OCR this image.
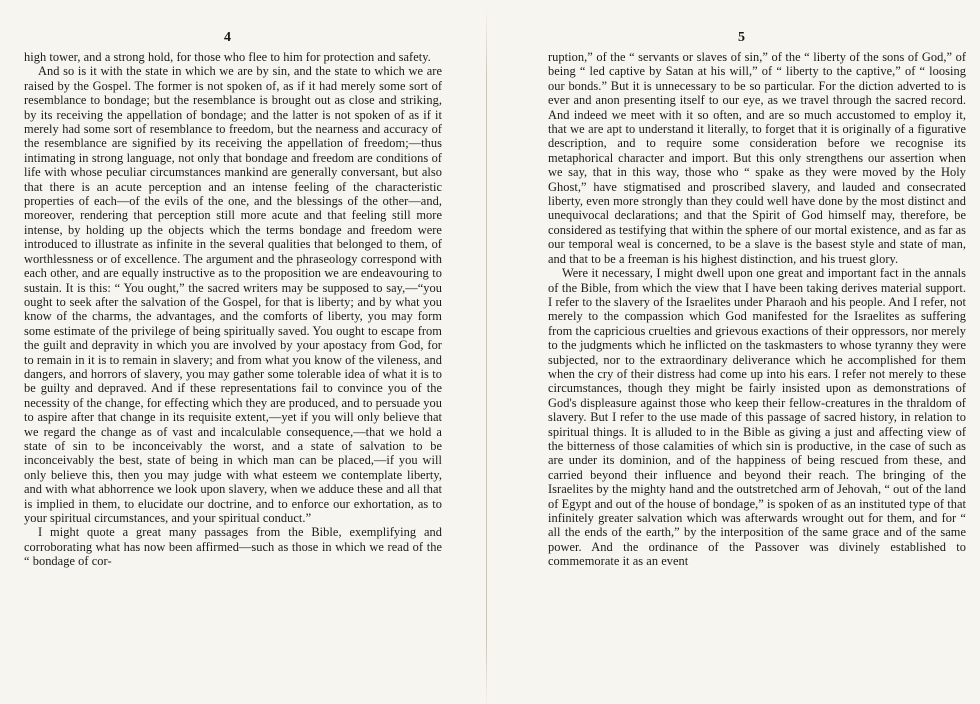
4

high tower, and a strong hold, for those who flee to him for protection and safety.

And so is it with the state in which we are by sin, and the state to which we are raised by the Gospel. The former is not spoken of, as if it had merely some sort of resemblance to bondage; but the resemblance is brought out as close and striking, by its receiving the appellation of bondage; and the latter is not spoken of as if it merely had some sort of resemblance to freedom, but the nearness and accuracy of the resemblance are signified by its receiving the appellation of freedom;—thus intimating in strong language, not only that bondage and freedom are conditions of life with whose peculiar circumstances mankind are generally conversant, but also that there is an acute perception and an intense feeling of the characteristic properties of each—of the evils of the one, and the blessings of the other—and, moreover, rendering that perception still more acute and that feeling still more intense, by holding up the objects which the terms bondage and freedom were introduced to illustrate as infinite in the several qualities that belonged to them, of worthlessness or of excellence. The argument and the phraseology correspond with each other, and are equally instructive as to the proposition we are endeavouring to sustain. It is this: “ You ought,” the sacred writers may be supposed to say,—“you ought to seek after the salvation of the Gospel, for that is liberty; and by what you know of the charms, the advantages, and the comforts of liberty, you may form some estimate of the privilege of being spiritually saved. You ought to escape from the guilt and depravity in which you are involved by your apostacy from God, for to remain in it is to remain in slavery; and from what you know of the vileness, and dangers, and horrors of slavery, you may gather some tolerable idea of what it is to be guilty and depraved. And if these representations fail to convince you of the necessity of the change, for effecting which they are produced, and to persuade you to aspire after that change in its requisite extent,—yet if you will only believe that we regard the change as of vast and incalculable consequence,—that we hold a state of sin to be inconceivably the worst, and a state of salvation to be inconceivably the best, state of being in which man can be placed,—if you will only believe this, then you may judge with what esteem we contemplate liberty, and with what abhorrence we look upon slavery, when we adduce these and all that is implied in them, to elucidate our doctrine, and to enforce our exhortation, as to your spiritual circumstances, and your spiritual conduct.”

I might quote a great many passages from the Bible, exemplifying and corroborating what has now been affirmed—such as those in which we read of the “ bondage of cor-

5

ruption,” of the “ servants or slaves of sin,” of the “ liberty of the sons of God,” of being “ led captive by Satan at his will,” of “ liberty to the captive,” of “ loosing our bonds.” But it is unnecessary to be so particular. For the diction adverted to is ever and anon presenting itself to our eye, as we travel through the sacred record. And indeed we meet with it so often, and are so much accustomed to employ it, that we are apt to understand it literally, to forget that it is originally of a figurative description, and to require some consideration before we recognise its metaphorical character and import. But this only strengthens our assertion when we say, that in this way, those who “ spake as they were moved by the Holy Ghost,” have stigmatised and proscribed slavery, and lauded and consecrated liberty, even more strongly than they could well have done by the most distinct and unequivocal declarations; and that the Spirit of God himself may, therefore, be considered as testifying that within the sphere of our mortal existence, and as far as our temporal weal is concerned, to be a slave is the basest style and state of man, and that to be a freeman is his highest distinction, and his truest glory.

Were it necessary, I might dwell upon one great and important fact in the annals of the Bible, from which the view that I have been taking derives material support. I refer to the slavery of the Israelites under Pharaoh and his people. And I refer, not merely to the compassion which God manifested for the Israelites as suffering from the capricious cruelties and grievous exactions of their oppressors, nor merely to the judgments which he inflicted on the taskmasters to whose tyranny they were subjected, nor to the extraordinary deliverance which he accomplished for them when the cry of their distress had come up into his ears. I refer not merely to these circumstances, though they might be fairly insisted upon as demonstrations of God's displeasure against those who keep their fellow-creatures in the thraldom of slavery. But I refer to the use made of this passage of sacred history, in relation to spiritual things. It is alluded to in the Bible as giving a just and affecting view of the bitterness of those calamities of which sin is productive, in the case of such as are under its dominion, and of the happiness of being rescued from these, and carried beyond their influence and beyond their reach. The bringing of the Israelites by the mighty hand and the outstretched arm of Jehovah, “ out of the land of Egypt and out of the house of bondage,” is spoken of as an instituted type of that infinitely greater salvation which was afterwards wrought out for them, and for “ all the ends of the earth,” by the interposition of the same grace and of the same power. And the ordinance of the Passover was divinely established to commemorate it as an event
